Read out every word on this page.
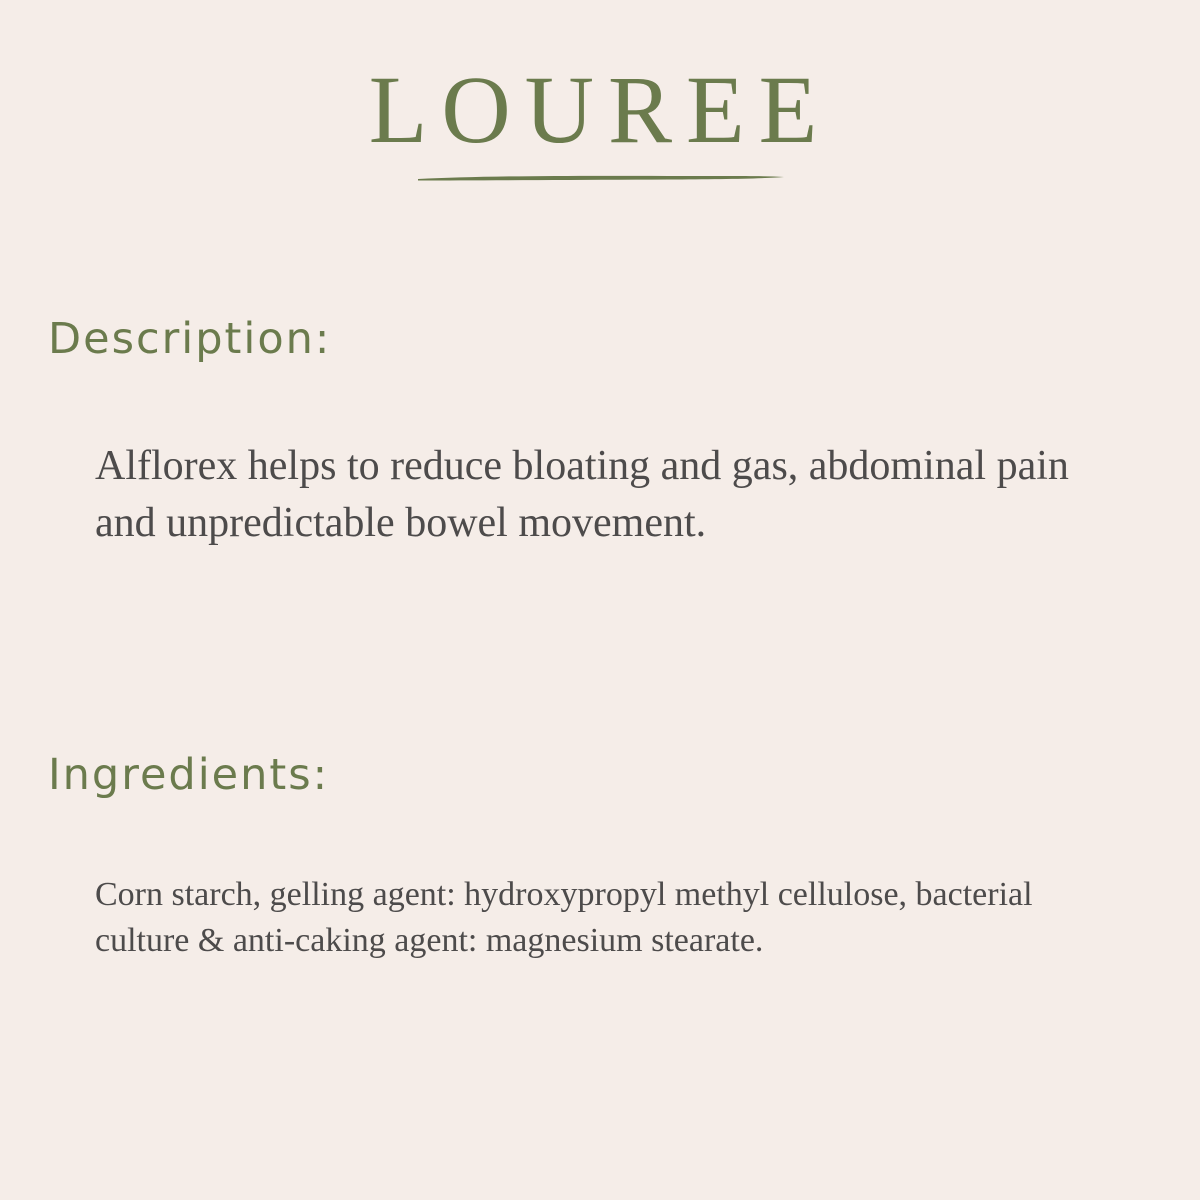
LOUREE
Description:

Alflorex helps to reduce bloating and gas, abdominal pain and unpredictable bowel movement.

Ingredients:

Corn starch, gelling agent: hydroxypropyl methyl cellulose, bacterial culture & anti-caking agent: magnesium stearate.
